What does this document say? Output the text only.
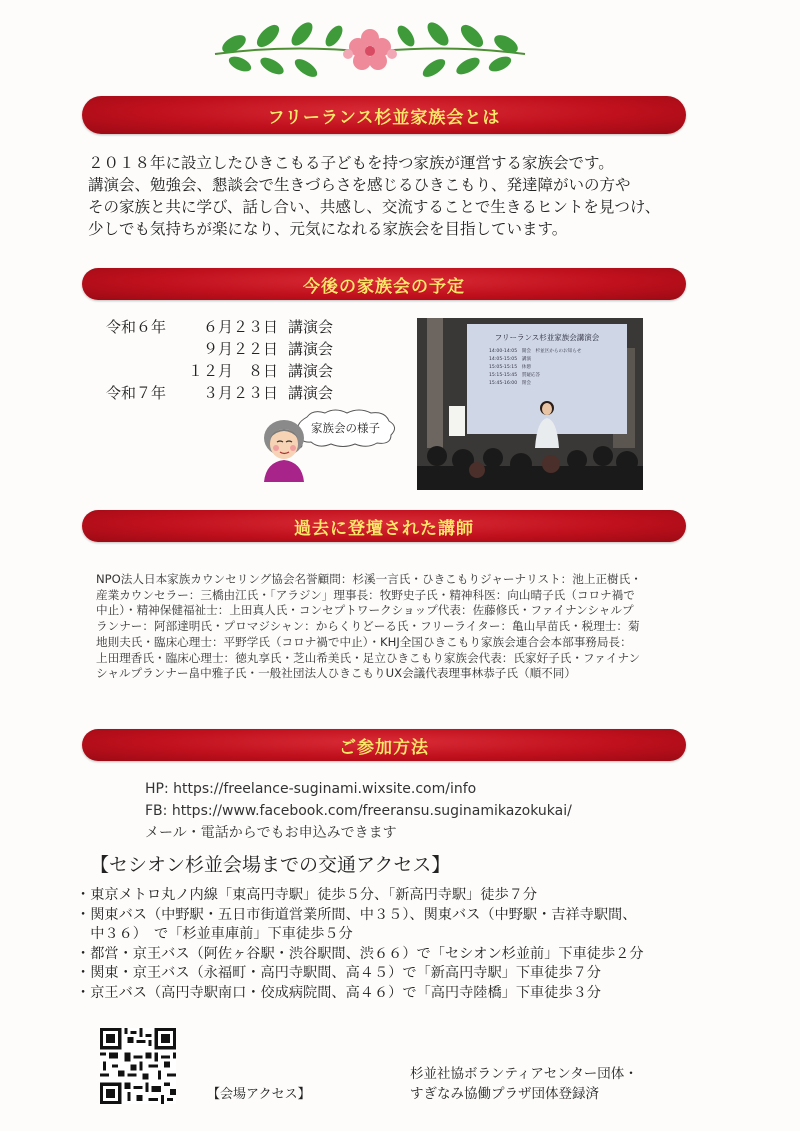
フリーランス杉並家族会とは
２０１８年に設立したひきこもる子どもを持つ家族が運営する家族会です。
講演会、勉強会、懇談会で生きづらさを感じるひきこもり、発達障がいの方や
その家族と共に学び、話し合い、共感し、交流することで生きるヒントを見つけ、
少しでも気持ちが楽になり、元気になれる家族会を目指しています。
今後の家族会の予定
令和６年	６月２３日 講演会
９月２２日 講演会
１２月　８日 講演会
令和７年	３月２３日 講演会
家族会の様子
フリーランス杉並家族会講演会
14:00-14:05　開会　杉並区からのお知らせ
14:05-15:05　講演
15:05-15:15　休憩
15:15-15:45　質疑応答
15:45-16:00　閉会
過去に登壇された講師
NPO法人日本家族カウンセリング協会名誉顧問：杉溪一言氏・ひきこもりジャーナリスト：池上正樹氏・
産業カウンセラー：三橋由江氏・「アラジン」理事長：牧野史子氏・精神科医：向山晴子氏（コロナ禍で
中止）・精神保健福祉士：上田真人氏・コンセプトワークショップ代表：佐藤修氏・ファイナンシャルプ
ランナー：阿部達明氏・プロマジシャン：からくりどーる氏・フリーライター：亀山早苗氏・税理士：菊
地則夫氏・臨床心理士：平野学氏（コロナ禍で中止）・KHJ全国ひきこもり家族会連合会本部事務局長：
上田理香氏・臨床心理士：徳丸享氏・芝山希美氏・足立ひきこもり家族会代表：氏家好子氏・ファイナン
シャルプランナー畠中雅子氏・一般社団法人ひきこもりUX会議代表理事林恭子氏（順不同）
ご参加方法
HP: https://freelance-suginami.wixsite.com/info
FB: https://www.facebook.com/freeransu.suginamikazokukai/
メール・電話からでもお申込みできます
【セシオン杉並会場までの交通アクセス】
・東京メトロ丸ノ内線「東高円寺駅」徒歩５分、「新高円寺駅」徒歩７分
・関東バス（中野駅・五日市街道営業所間、中３５）、関東バス（中野駅・吉祥寺駅間、
　中３６）　で「杉並車庫前」下車徒歩５分
・都営・京王バス（阿佐ヶ谷駅・渋谷駅間、渋６６）で「セシオン杉並前」下車徒歩２分
・関東・京王バス（永福町・高円寺駅間、高４５）で「新高円寺駅」下車徒歩７分
・京王バス（高円寺駅南口・佼成病院間、高４６）で「高円寺陸橋」下車徒歩３分
【会場アクセス】
杉並社協ボランティアセンター団体・
すぎなみ協働プラザ団体登録済
